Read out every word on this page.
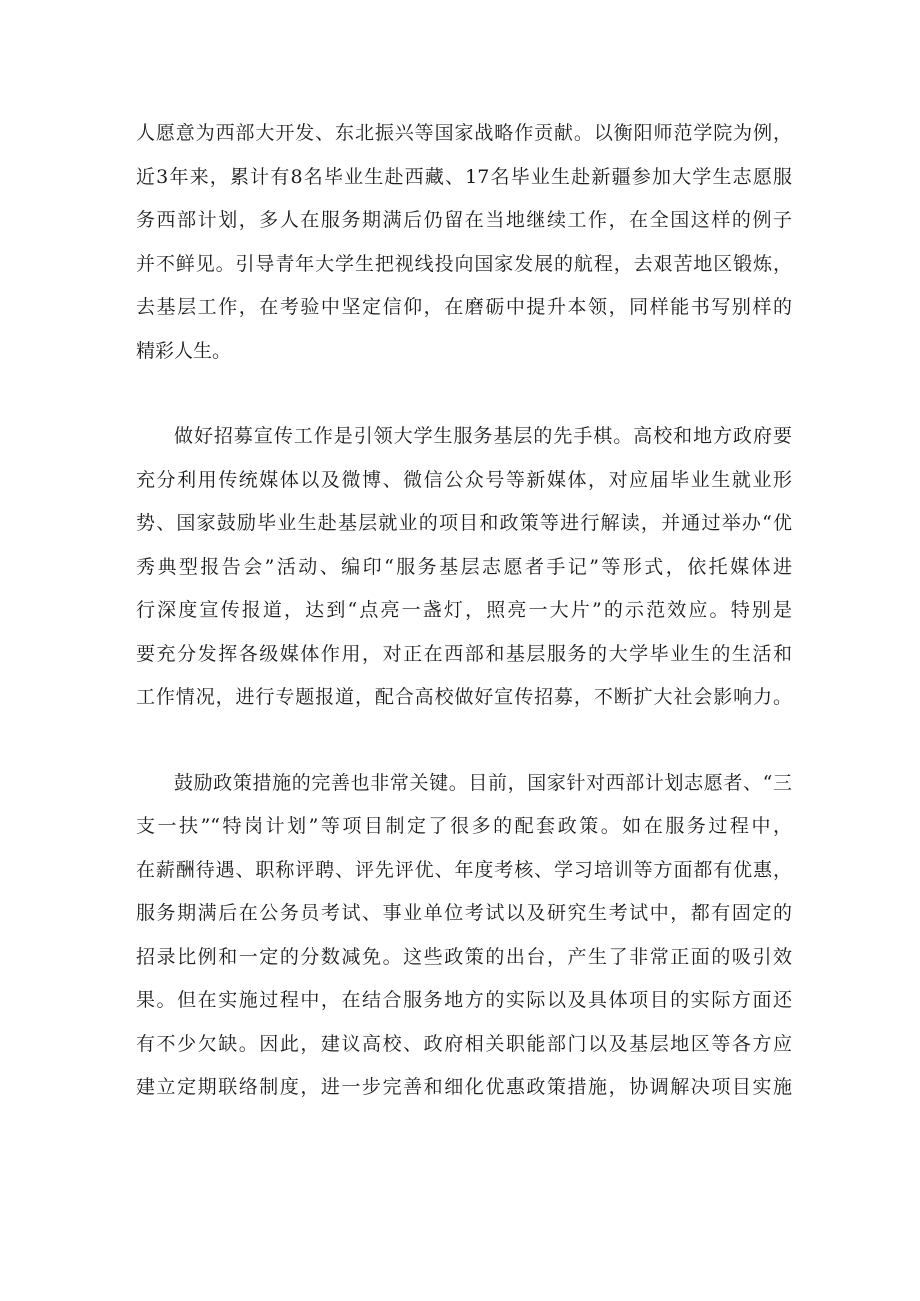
人愿意为西部大开发、东北振兴等国家战略作贡献。以衡阳师范学院为例，
近3年来，累计有8名毕业生赴西藏、17名毕业生赴新疆参加大学生志愿服
务西部计划，多人在服务期满后仍留在当地继续工作，在全国这样的例子
并不鲜见。引导青年大学生把视线投向国家发展的航程，去艰苦地区锻炼，
去基层工作，在考验中坚定信仰，在磨砺中提升本领，同样能书写别样的
精彩人生。
做好招募宣传工作是引领大学生服务基层的先手棋。高校和地方政府要
充分利用传统媒体以及微博、微信公众号等新媒体，对应届毕业生就业形
势、国家鼓励毕业生赴基层就业的项目和政策等进行解读，并通过举办“优
秀典型报告会”活动、编印“服务基层志愿者手记”等形式，依托媒体进
行深度宣传报道，达到“点亮一盏灯，照亮一大片”的示范效应。特别是
要充分发挥各级媒体作用，对正在西部和基层服务的大学毕业生的生活和
工作情况，进行专题报道，配合高校做好宣传招募，不断扩大社会影响力。
鼓励政策措施的完善也非常关键。目前，国家针对西部计划志愿者、“三
支一扶”“特岗计划”等项目制定了很多的配套政策。如在服务过程中，
在薪酬待遇、职称评聘、评先评优、年度考核、学习培训等方面都有优惠，
服务期满后在公务员考试、事业单位考试以及研究生考试中，都有固定的
招录比例和一定的分数减免。这些政策的出台，产生了非常正面的吸引效
果。但在实施过程中，在结合服务地方的实际以及具体项目的实际方面还
有不少欠缺。因此，建议高校、政府相关职能部门以及基层地区等各方应
建立定期联络制度，进一步完善和细化优惠政策措施，协调解决项目实施
